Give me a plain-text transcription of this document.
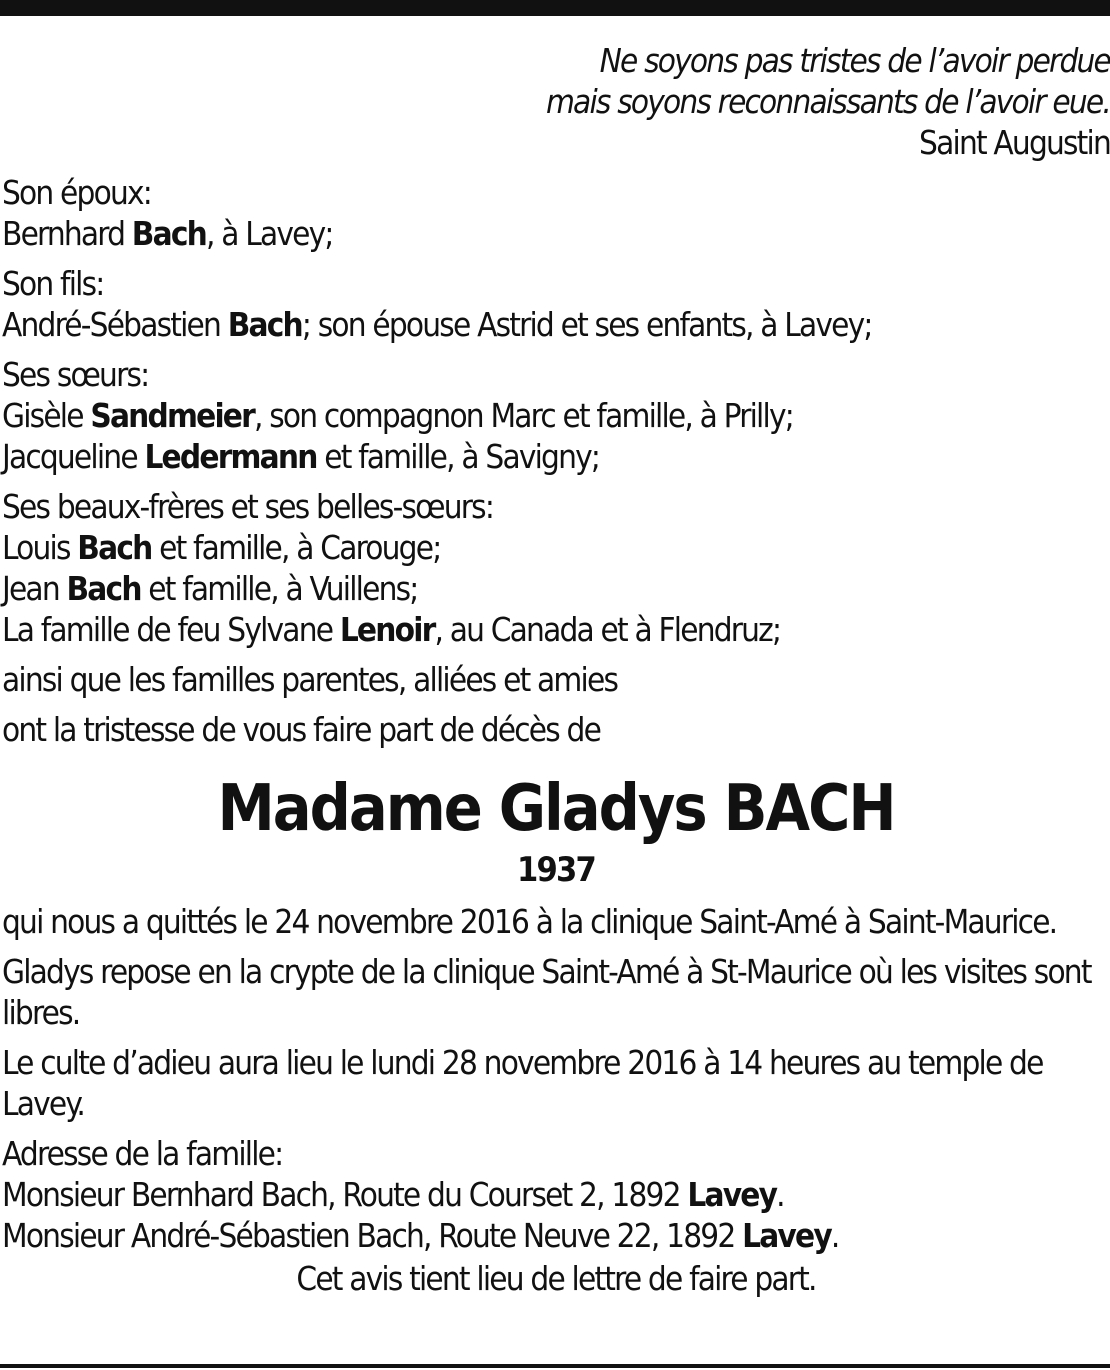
Ne soyons pas tristes de l’avoir perdue
mais soyons reconnaissants de l’avoir eue.
Saint Augustin
Son époux:
Bernhard Bach, à Lavey;
Son fils:
André-Sébastien Bach; son épouse Astrid et ses enfants, à Lavey;
Ses sœurs:
Gisèle Sandmeier, son compagnon Marc et famille, à Prilly;
Jacqueline Ledermann et famille, à Savigny;
Ses beaux-frères et ses belles-sœurs:
Louis Bach et famille, à Carouge;
Jean Bach et famille, à Vuillens;
La famille de feu Sylvane Lenoir, au Canada et à Flendruz;
ainsi que les familles parentes, alliées et amies
ont la tristesse de vous faire part de décès de
Madame Gladys BACH
1937
qui nous a quittés le 24 novembre 2016 à la clinique Saint-Amé à Saint-Maurice.
Gladys repose en la crypte de la clinique Saint-Amé à St-Maurice où les visites sont libres.
Le culte d’adieu aura lieu le lundi 28 novembre 2016 à 14 heures au temple de Lavey.
Adresse de la famille:
Monsieur Bernhard Bach, Route du Courset 2, 1892 Lavey.
Monsieur André-Sébastien Bach, Route Neuve 22, 1892 Lavey.
Cet avis tient lieu de lettre de faire part.
